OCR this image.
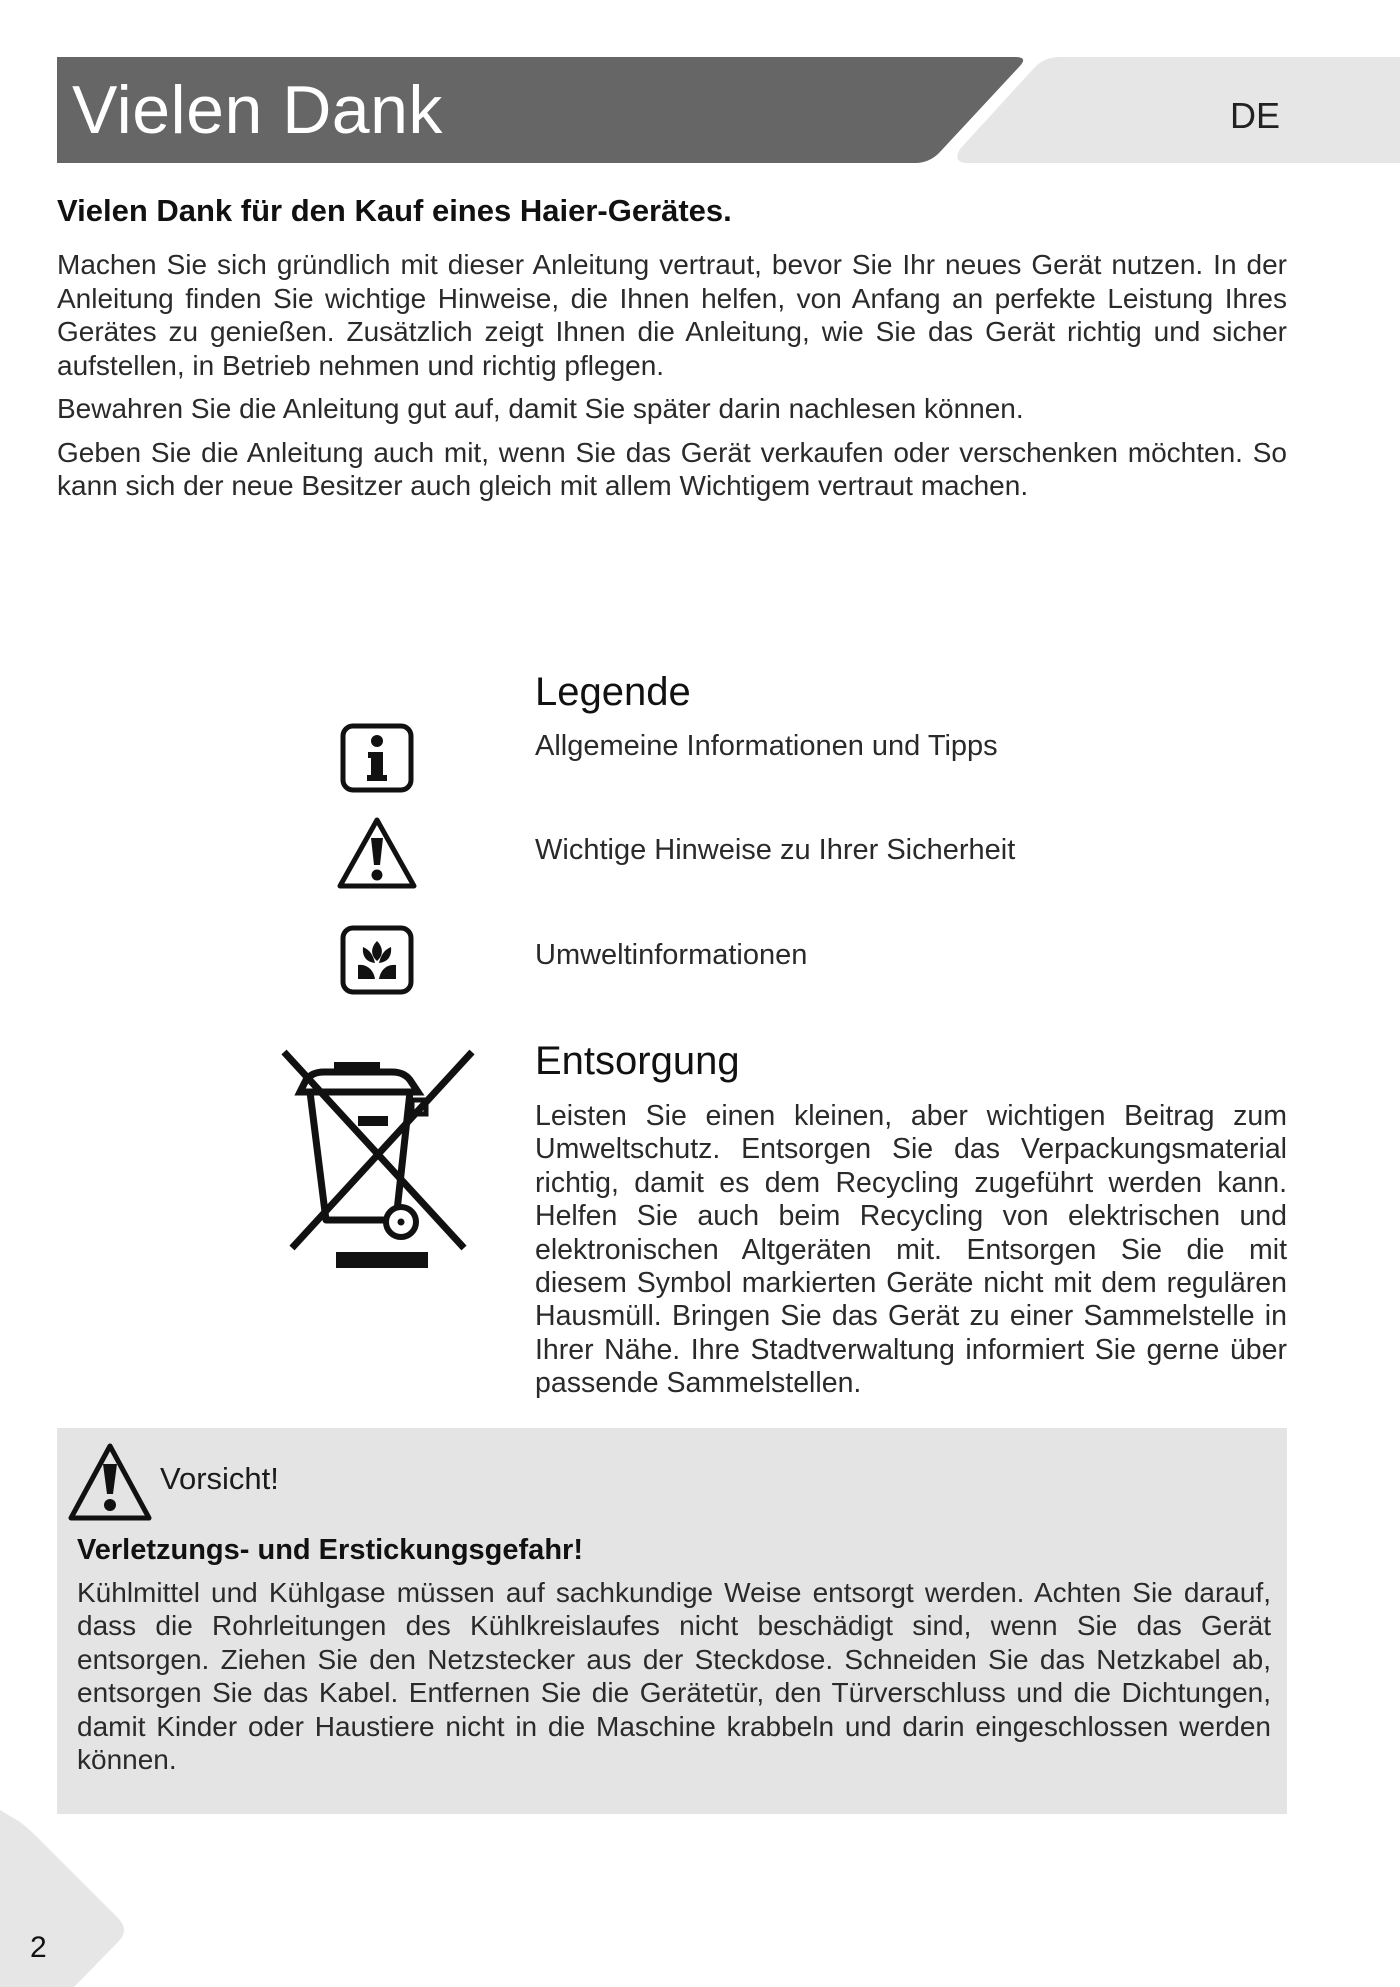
Vielen Dank	DE
Vielen Dank für den Kauf eines Haier-Gerätes.

Machen Sie sich gründlich mit dieser Anleitung vertraut, bevor Sie Ihr neues Gerät nutzen. In der Anleitung finden Sie wichtige Hinweise, die Ihnen helfen, von Anfang an perfekte Leistung Ihres Gerätes zu genießen. Zusätzlich zeigt Ihnen die Anleitung, wie Sie das Gerät richtig und sicher aufstellen, in Betrieb nehmen und richtig pflegen.

Bewahren Sie die Anleitung gut auf, damit Sie später darin nachlesen können.

Geben Sie die Anleitung auch mit, wenn Sie das Gerät verkaufen oder verschenken möchten. So kann sich der neue Besitzer auch gleich mit allem Wichtigem vertraut machen.

Legende
Allgemeine Informationen und Tipps
Wichtige Hinweise zu Ihrer Sicherheit
Umweltinformationen
Entsorgung

Leisten Sie einen kleinen, aber wichtigen Beitrag zum Umweltschutz. Entsorgen Sie das Verpackungsmaterial richtig, damit es dem Recycling zugeführt werden kann. Helfen Sie auch beim Recycling von elektrischen und elektronischen Altgeräten mit. Entsorgen Sie die mit diesem Symbol markierten Geräte nicht mit dem regulären Hausmüll. Bringen Sie das Gerät zu einer Sammelstelle in Ihrer Nähe. Ihre Stadtverwaltung informiert Sie gerne über passende Sammelstellen.

Vorsicht!
Verletzungs- und Erstickungsgefahr!

Kühlmittel und Kühlgase müssen auf sachkundige Weise entsorgt werden. Achten Sie darauf, dass die Rohrleitungen des Kühlkreislaufes nicht beschädigt sind, wenn Sie das Gerät entsorgen. Ziehen Sie den Netzstecker aus der Steckdose. Schneiden Sie das Netzkabel ab, entsorgen Sie das Kabel. Entfernen Sie die Gerätetür, den Türverschluss und die Dichtungen, damit Kinder oder Haustiere nicht in die Maschine krabbeln und darin eingeschlossen werden können.

2
